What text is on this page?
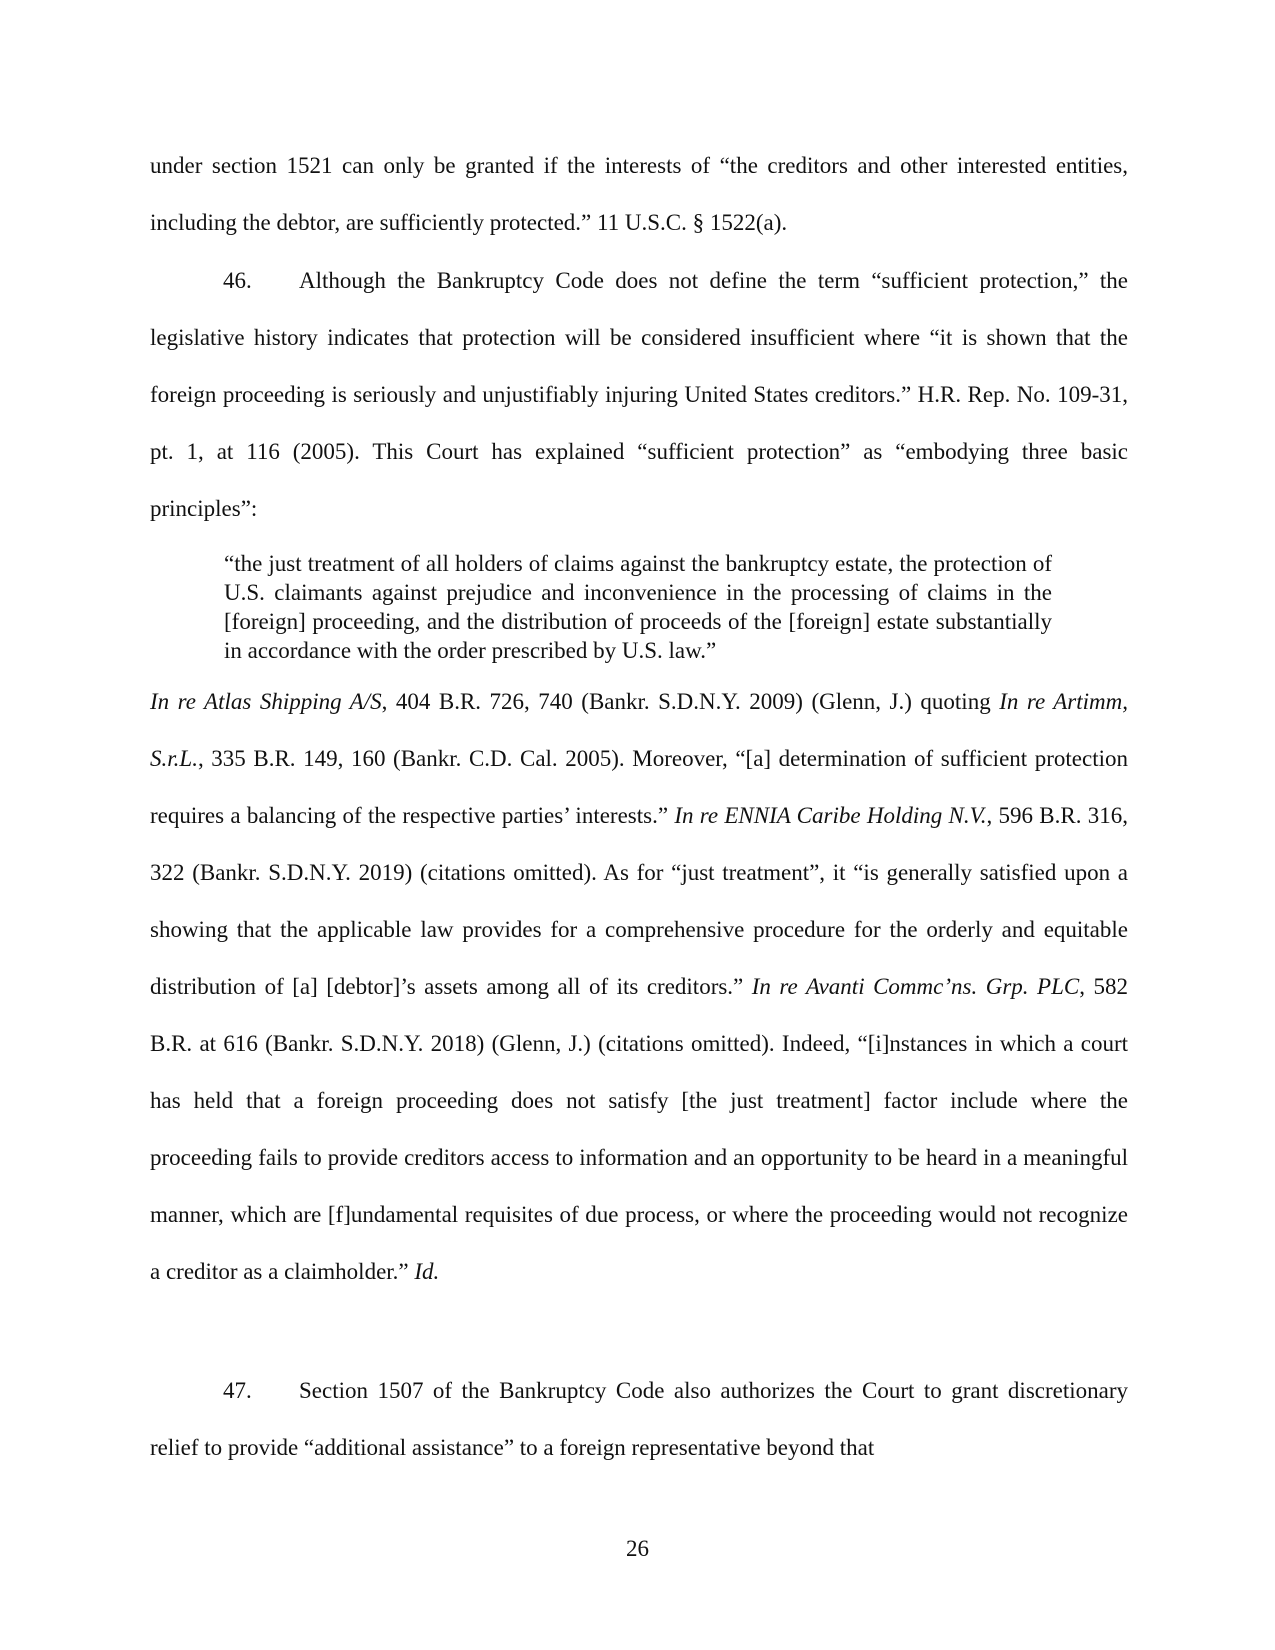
under section 1521 can only be granted if the interests of “the creditors and other interested entities, including the debtor, are sufficiently protected.” 11 U.S.C. § 1522(a).
46. Although the Bankruptcy Code does not define the term “sufficient protection,” the legislative history indicates that protection will be considered insufficient where “it is shown that the foreign proceeding is seriously and unjustifiably injuring United States creditors.” H.R. Rep. No. 109-31, pt. 1, at 116 (2005). This Court has explained “sufficient protection” as “embodying three basic principles”:
“the just treatment of all holders of claims against the bankruptcy estate, the protection of U.S. claimants against prejudice and inconvenience in the processing of claims in the [foreign] proceeding, and the distribution of proceeds of the [foreign] estate substantially in accordance with the order prescribed by U.S. law.”
In re Atlas Shipping A/S, 404 B.R. 726, 740 (Bankr. S.D.N.Y. 2009) (Glenn, J.) quoting In re Artimm, S.r.L., 335 B.R. 149, 160 (Bankr. C.D. Cal. 2005). Moreover, “[a] determination of sufficient protection requires a balancing of the respective parties’ interests.” In re ENNIA Caribe Holding N.V., 596 B.R. 316, 322 (Bankr. S.D.N.Y. 2019) (citations omitted). As for “just treatment”, it “is generally satisfied upon a showing that the applicable law provides for a comprehensive procedure for the orderly and equitable distribution of [a] [debtor]’s assets among all of its creditors.” In re Avanti Commc’ns. Grp. PLC, 582 B.R. at 616 (Bankr. S.D.N.Y. 2018) (Glenn, J.) (citations omitted). Indeed, “[i]nstances in which a court has held that a foreign proceeding does not satisfy [the just treatment] factor include where the proceeding fails to provide creditors access to information and an opportunity to be heard in a meaningful manner, which are [f]undamental requisites of due process, or where the proceeding would not recognize a creditor as a claimholder.” Id.
47. Section 1507 of the Bankruptcy Code also authorizes the Court to grant discretionary relief to provide “additional assistance” to a foreign representative beyond that
26
